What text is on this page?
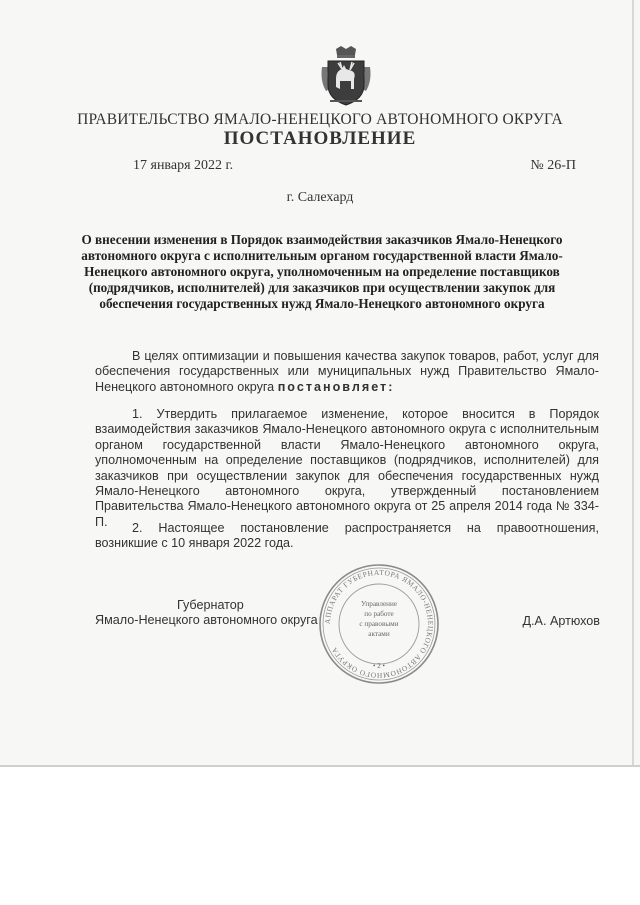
ПРАВИТЕЛЬСТВО ЯМАЛО-НЕНЕЦКОГО АВТОНОМНОГО ОКРУГА
ПОСТАНОВЛЕНИЕ
17 января 2022 г.	№ 26-П
г. Салехард
О внесении изменения в Порядок взаимодействия заказчиков Ямало-Ненецкого автономного округа с исполнительным органом государственной власти Ямало-Ненецкого автономного округа, уполномоченным на определение поставщиков (подрядчиков, исполнителей) для заказчиков при осуществлении закупок для обеспечения государственных нужд Ямало-Ненецкого автономного округа
В целях оптимизации и повышения качества закупок товаров, работ, услуг для обеспечения государственных или муниципальных нужд Правительство Ямало-Ненецкого автономного округа постановляет:
1. Утвердить прилагаемое изменение, которое вносится в Порядок взаимодействия заказчиков Ямало-Ненецкого автономного округа с исполнительным органом государственной власти Ямало-Ненецкого автономного округа, уполномоченным на определение поставщиков (подрядчиков, исполнителей) для заказчиков при осуществлении закупок для обеспечения государственных нужд Ямало-Ненецкого автономного округа, утвержденный постановлением Правительства Ямало-Ненецкого автономного округа от 25 апреля 2014 года № 334-П.	2. Настоящее постановление распространяется на правоотношения, возникшие с 10 января 2022 года.
Губернатор
Ямало-Ненецкого автономного округа	Д.А. Артюхов
АППАРАТ ГУБЕРНАТОРА ЯМАЛО-НЕНЕЦКОГО АВТОНОМНОГО ОКРУГА
Управление
по работе
с правовыми
актами
• 2 •
